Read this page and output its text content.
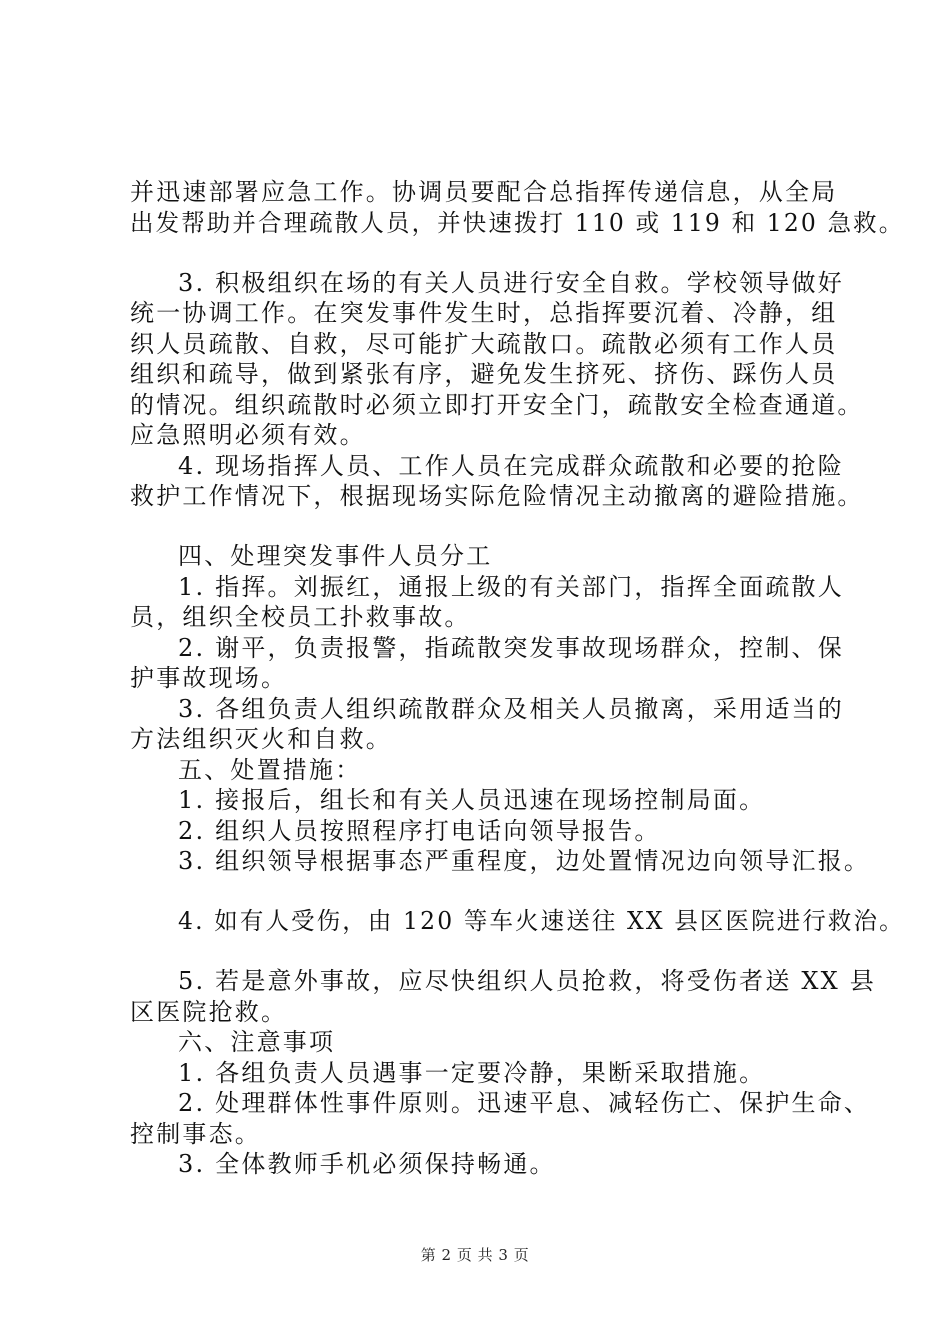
并迅速部署应急工作。协调员要配合总指挥传递信息，从全局
出发帮助并合理疏散人员，并快速拨打 110 或 119 和 120 急救。
3. 积极组织在场的有关人员进行安全自救。学校领导做好
统一协调工作。在突发事件发生时，总指挥要沉着、冷静，组
织人员疏散、自救，尽可能扩大疏散口。疏散必须有工作人员
组织和疏导，做到紧张有序，避免发生挤死、挤伤、踩伤人员
的情况。组织疏散时必须立即打开安全门，疏散安全检查通道。
应急照明必须有效。
4. 现场指挥人员、工作人员在完成群众疏散和必要的抢险
救护工作情况下，根据现场实际危险情况主动撤离的避险措施。
四、处理突发事件人员分工
1. 指挥。刘振红，通报上级的有关部门，指挥全面疏散人
员，组织全校员工扑救事故。
2. 谢平，负责报警，指疏散突发事故现场群众，控制、保
护事故现场。
3. 各组负责人组织疏散群众及相关人员撤离，采用适当的
方法组织灭火和自救。
五、处置措施：
1. 接报后，组长和有关人员迅速在现场控制局面。
2. 组织人员按照程序打电话向领导报告。
3. 组织领导根据事态严重程度，边处置情况边向领导汇报。
4. 如有人受伤，由 120 等车火速送往 XX 县区医院进行救治。
5. 若是意外事故，应尽快组织人员抢救，将受伤者送 XX 县
区医院抢救。
六、注意事项
1. 各组负责人员遇事一定要冷静，果断采取措施。
2. 处理群体性事件原则。迅速平息、减轻伤亡、保护生命、
控制事态。
3. 全体教师手机必须保持畅通。
第 2 页 共 3 页
